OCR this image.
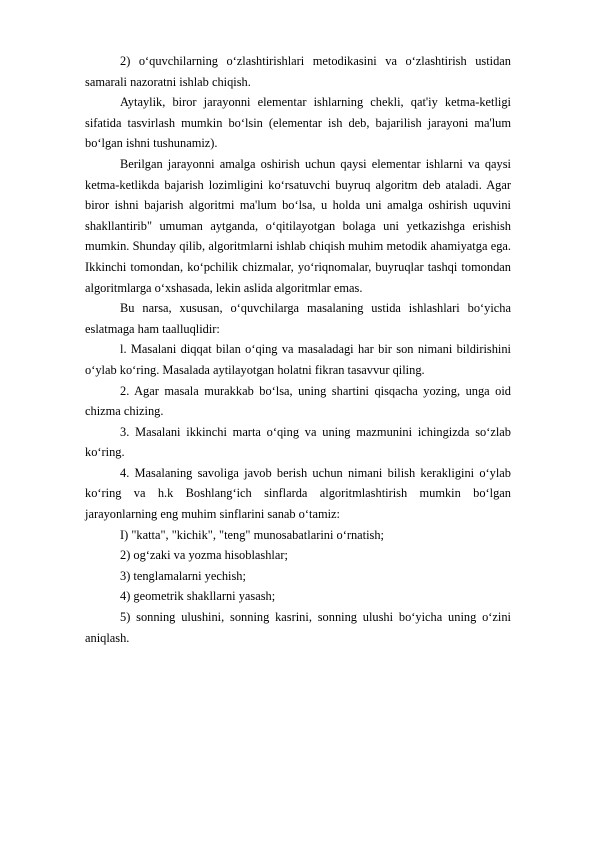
2) o‘quvchilarning o‘zlashtirishlari metodikasini va o‘zlashtirish ustidan samarali nazoratni ishlab chiqish.

Aytaylik, biror jarayonni elementar ishlarning chekli, qat'iy ketma-ketligi sifatida tasvirlash mumkin bo‘lsin (elementar ish deb, bajarilish jarayoni ma'lum bo‘lgan ishni tushunamiz).

Berilgan jarayonni amalga oshirish uchun qaysi elementar ishlarni va qaysi ketma-ketlikda bajarish lozimligini ko‘rsatuvchi buyruq algoritm deb ataladi. Agar biror ishni bajarish algoritmi ma'lum bo‘lsa, u holda uni amalga oshirish uquvini shakllantirib" umuman aytganda, o‘qitilayotgan bolaga uni yetkazishga erishish mumkin. Shunday qilib, algoritmlarni ishlab chiqish muhim metodik ahamiyatga ega. Ikkinchi tomondan, ko‘pchilik chizmalar, yo‘riqnomalar, buyruqlar tashqi tomondan algoritmlarga o‘xshasada, lekin aslida algoritmlar emas.

Bu narsa, xususan, o‘quvchilarga masalaning ustida ishlashlari bo‘yicha eslatmaga ham taalluqlidir:

l. Masalani diqqat bilan o‘qing va masaladagi har bir son nimani bildirishini o‘ylab ko‘ring. Masalada aytilayotgan holatni fikran tasavvur qiling.

2. Agar masala murakkab bo‘lsa, uning shartini qisqacha yozing, unga oid chizma chizing.

3. Masalani ikkinchi marta o‘qing va uning mazmunini ichingizda so‘zlab ko‘ring.

4. Masalaning savoliga javob berish uchun nimani bilish kerakligini o‘ylab ko‘ring va h.k Boshlang‘ich sinflarda algoritmlashtirish mumkin bo‘lgan jarayonlarning eng muhim sinflarini sanab o‘tamiz:

I) "katta", "kichik", "teng" munosabatlarini o‘rnatish;

2) og‘zaki va yozma hisoblashlar;

3) tenglamalarni yechish;

4) geometrik shakllarni yasash;

5) sonning ulushini, sonning kasrini, sonning ulushi bo‘yicha uning o‘zini aniqlash.
